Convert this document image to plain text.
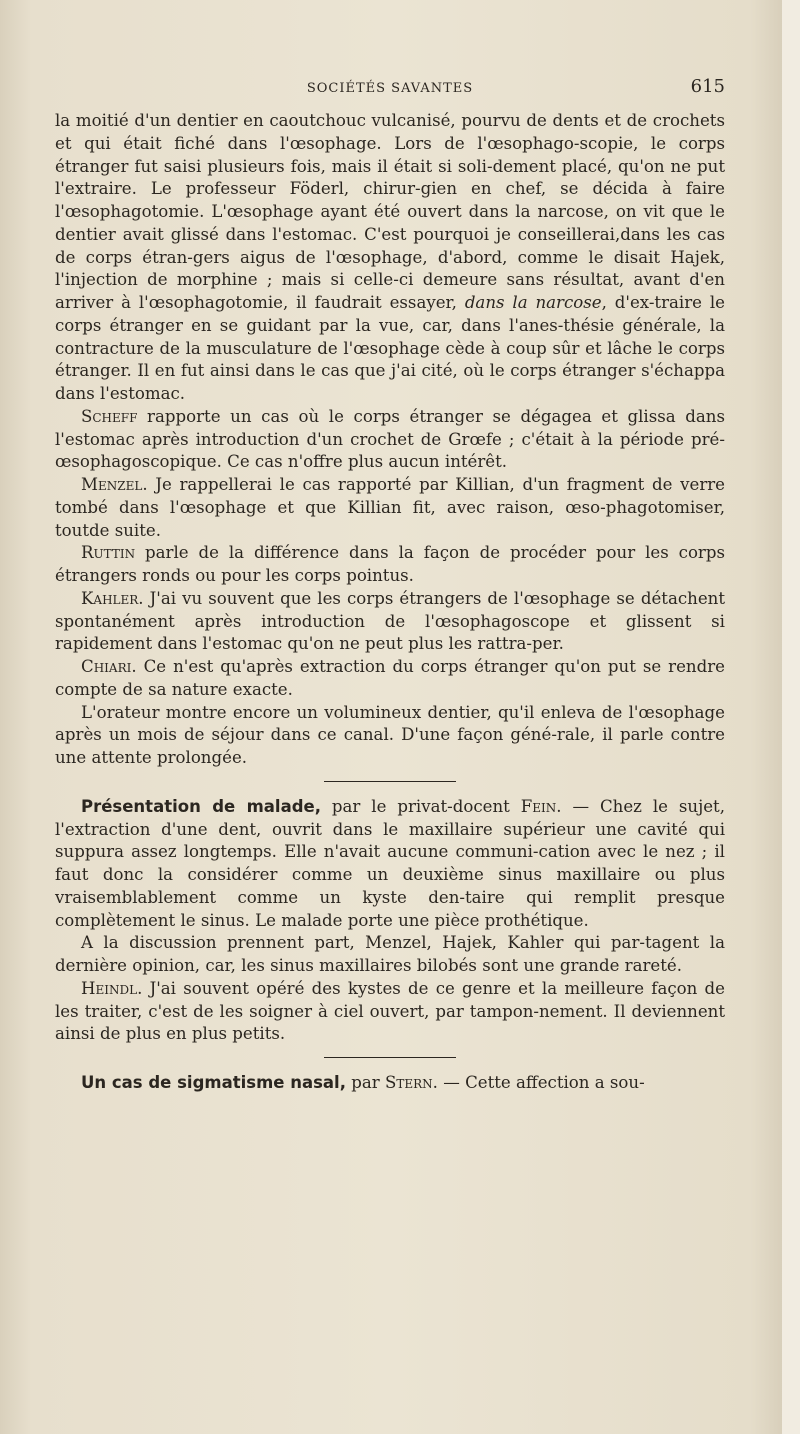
SOCIÉTÉS SAVANTES	615

la moitié d'un dentier en caoutchouc vulcanisé, pourvu de dents et de crochets et qui était fiché dans l'œsophage. Lors de l'œsophago-scopie, le corps étranger fut saisi plusieurs fois, mais il était si soli-dement placé, qu'on ne put l'extraire. Le professeur Föderl, chirur-gien en chef, se décida à faire l'œsophagotomie. L'œsophage ayant été ouvert dans la narcose, on vit que le dentier avait glissé dans l'estomac. C'est pourquoi je conseillerai,dans les cas de corps étran-gers aigus de l'œsophage, d'abord, comme le disait Hajek, l'injection de morphine ; mais si celle-ci demeure sans résultat, avant d'en arriver à l'œsophagotomie, il faudrait essayer, dans la narcose, d'ex-traire le corps étranger en se guidant par la vue, car, dans l'anes-thésie générale, la contracture de la musculature de l'œsophage cède à coup sûr et lâche le corps étranger. Il en fut ainsi dans le cas que j'ai cité, où le corps étranger s'échappa dans l'estomac.

Scheff rapporte un cas où le corps étranger se dégagea et glissa dans l'estomac après introduction d'un crochet de Grœfe ; c'était à la période pré-œsophagoscopique. Ce cas n'offre plus aucun intérêt.

Menzel. Je rappellerai le cas rapporté par Killian, d'un fragment de verre tombé dans l'œsophage et que Killian fit, avec raison, œso-phagotomiser, toutde suite.

Ruttin parle de la différence dans la façon de procéder pour les corps étrangers ronds ou pour les corps pointus.

Kahler. J'ai vu souvent que les corps étrangers de l'œsophage se détachent spontanément après introduction de l'œsophagoscope et glissent si rapidement dans l'estomac qu'on ne peut plus les rattra-per.

Chiari. Ce n'est qu'après extraction du corps étranger qu'on put se rendre compte de sa nature exacte.

L'orateur montre encore un volumineux dentier, qu'il enleva de l'œsophage après un mois de séjour dans ce canal. D'une façon géné-rale, il parle contre une attente prolongée.

Présentation de malade, par le privat-docent Fein. — Chez le sujet, l'extraction d'une dent, ouvrit dans le maxillaire supérieur une cavité qui suppura assez longtemps. Elle n'avait aucune communi-cation avec le nez ; il faut donc la considérer comme un deuxième sinus maxillaire ou plus vraisemblablement comme un kyste den-taire qui remplit presque complètement le sinus. Le malade porte une pièce prothétique.

A la discussion prennent part, Menzel, Hajek, Kahler qui par-tagent la dernière opinion, car, les sinus maxillaires bilobés sont une grande rareté.

Heindl. J'ai souvent opéré des kystes de ce genre et la meilleure façon de les traiter, c'est de les soigner à ciel ouvert, par tampon-nement. Il deviennent ainsi de plus en plus petits.

Un cas de sigmatisme nasal, par Stern. — Cette affection a sou-
